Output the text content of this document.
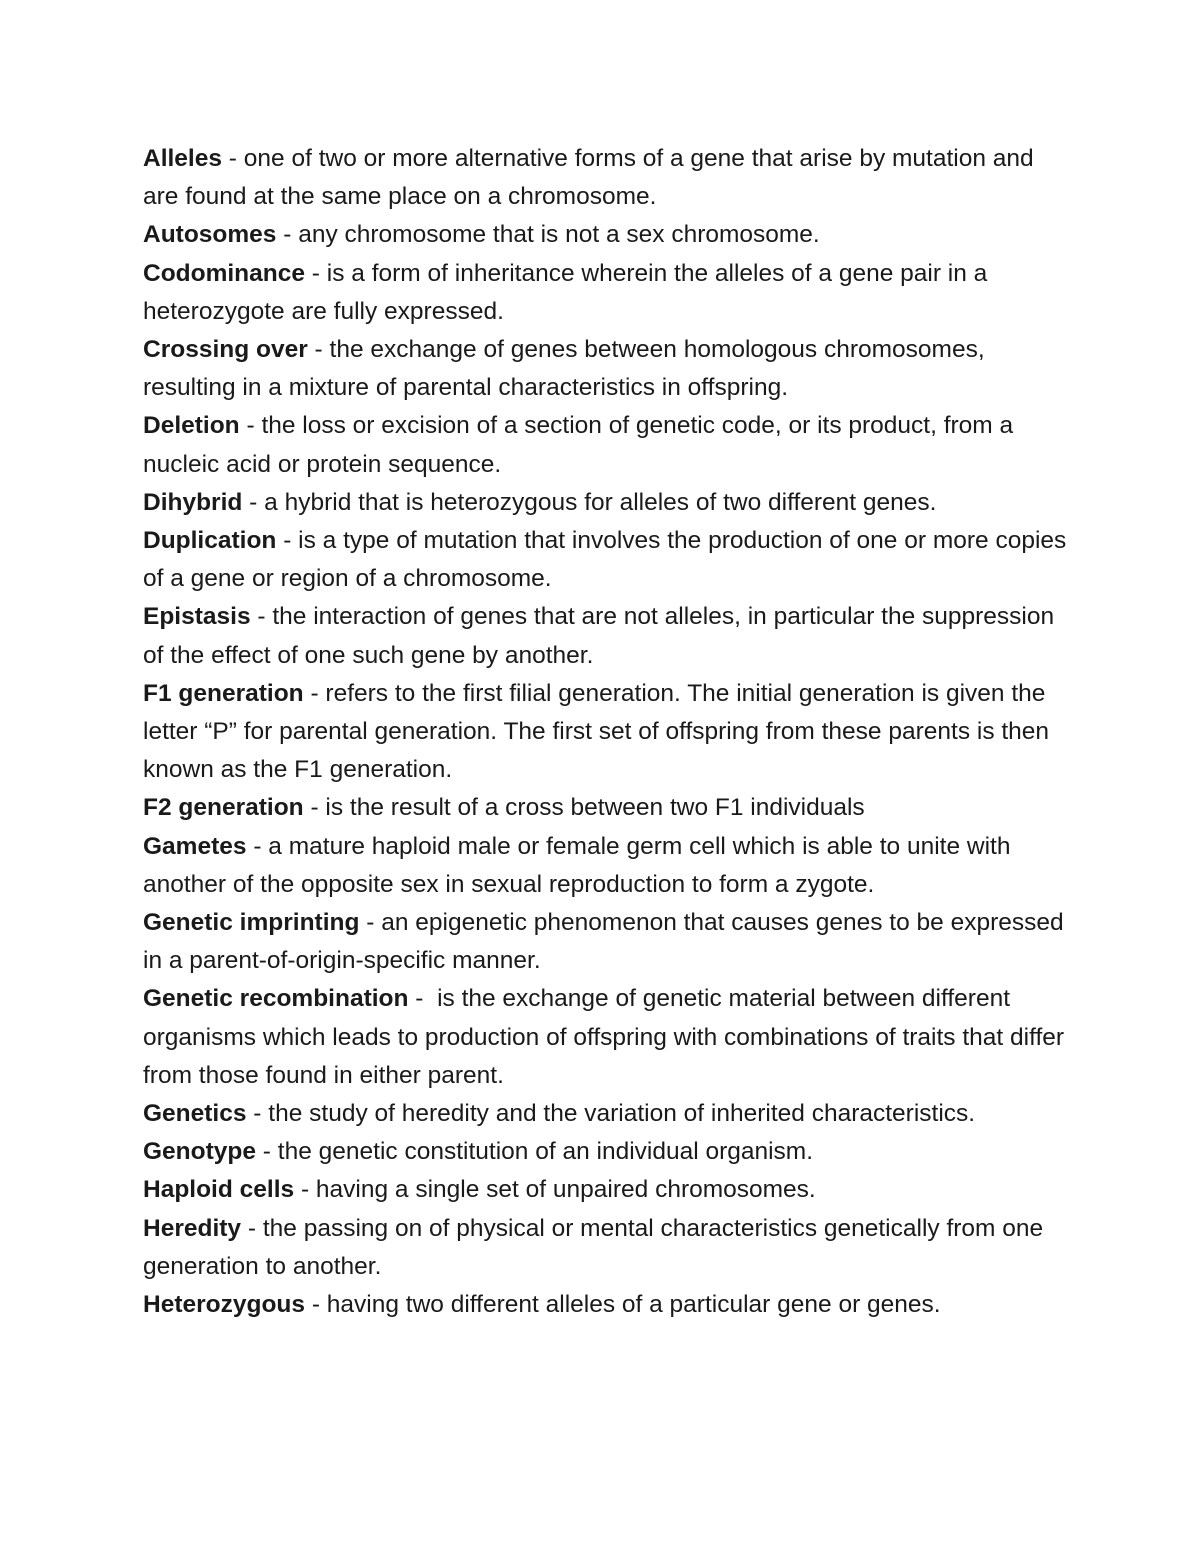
Alleles - one of two or more alternative forms of a gene that arise by mutation and are found at the same place on a chromosome.

Autosomes - any chromosome that is not a sex chromosome.

Codominance - is a form of inheritance wherein the alleles of a gene pair in a heterozygote are fully expressed.

Crossing over - the exchange of genes between homologous chromosomes, resulting in a mixture of parental characteristics in offspring.

Deletion - the loss or excision of a section of genetic code, or its product, from a nucleic acid or protein sequence.

Dihybrid - a hybrid that is heterozygous for alleles of two different genes.

Duplication - is a type of mutation that involves the production of one or more copies of a gene or region of a chromosome.

Epistasis - the interaction of genes that are not alleles, in particular the suppression of the effect of one such gene by another.

F1 generation - refers to the first filial generation. The initial generation is given the letter “P” for parental generation. The first set of offspring from these parents is then known as the F1 generation.

F2 generation - is the result of a cross between two F1 individuals

Gametes - a mature haploid male or female germ cell which is able to unite with another of the opposite sex in sexual reproduction to form a zygote.

Genetic imprinting - an epigenetic phenomenon that causes genes to be expressed in a parent-of-origin-specific manner.

Genetic recombination -  is the exchange of genetic material between different organisms which leads to production of offspring with combinations of traits that differ from those found in either parent.

Genetics - the study of heredity and the variation of inherited characteristics.

Genotype - the genetic constitution of an individual organism.

Haploid cells - having a single set of unpaired chromosomes.

Heredity - the passing on of physical or mental characteristics genetically from one generation to another.

Heterozygous - having two different alleles of a particular gene or genes.
